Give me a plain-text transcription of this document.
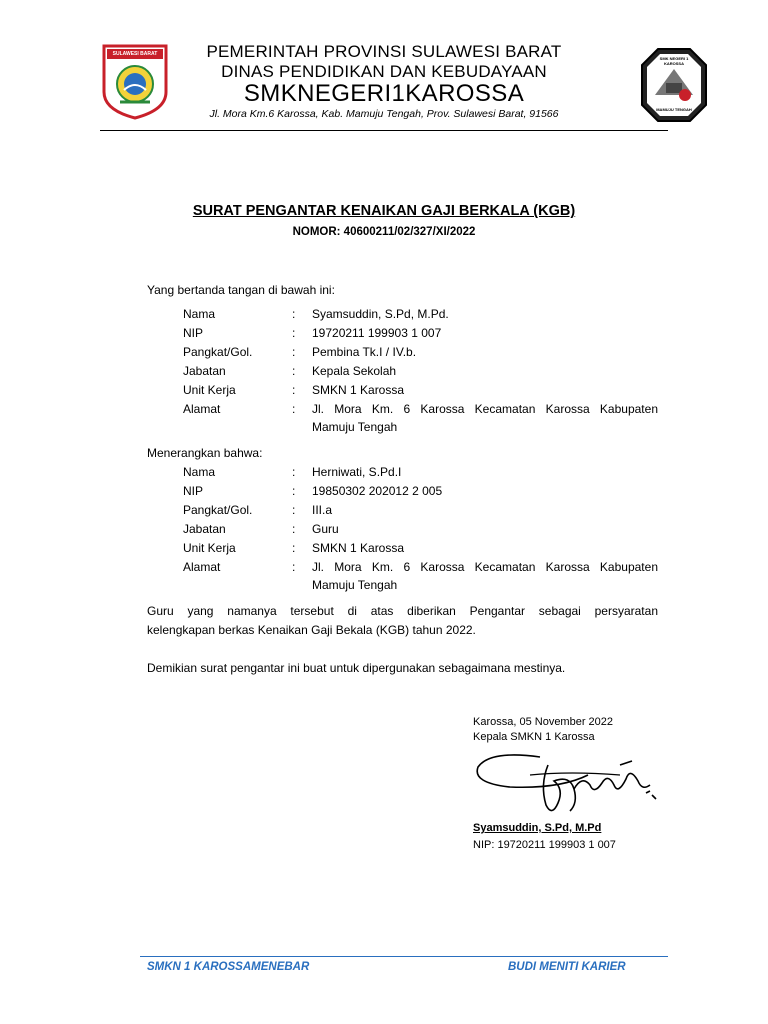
SULAWESI BARAT
SMK NEGERI 1 KAROSSA
MAMUJU TENGAH
PEMERINTAH PROVINSI SULAWESI BARAT
DINAS PENDIDIKAN DAN KEBUDAYAAN
SMKNEGERI1KAROSSA
Jl. Mora Km.6 Karossa, Kab. Mamuju Tengah, Prov. Sulawesi Barat, 91566
SURAT PENGANTAR KENAIKAN GAJI BERKALA (KGB)
NOMOR: 40600211/02/327/XI/2022
Yang bertanda tangan di bawah ini:
Nama	: Syamsuddin, S.Pd, M.Pd.
NIP	: 19720211 199903 1 007
Pangkat/Gol.	: Pembina Tk.I / IV.b.
Jabatan	: Kepala Sekolah
Unit Kerja	: SMKN 1 Karossa
Alamat	: Jl. Mora Km. 6 Karossa Kecamatan Karossa Kabupaten
Mamuju Tengah
Menerangkan bahwa:
Nama	: Herniwati, S.Pd.I
NIP	: 19850302 202012 2 005
Pangkat/Gol.	: III.a
Jabatan	: Guru
Unit Kerja	: SMKN 1 Karossa
Alamat	: Jl. Mora Km. 6 Karossa Kecamatan Karossa Kabupaten
Mamuju Tengah
Guru yang namanya tersebut di atas diberikan Pengantar sebagai persyaratan
kelengkapan berkas Kenaikan Gaji Bekala (KGB) tahun 2022.
Demikian surat pengantar ini buat untuk dipergunakan sebagaimana mestinya.
Karossa, 05 November 2022
Kepala SMKN 1 Karossa
Syamsuddin, S.Pd, M.Pd
NIP: 19720211 199903 1 007
SMKN 1 KAROSSAMENEBAR	BUDI MENITI KARIER
